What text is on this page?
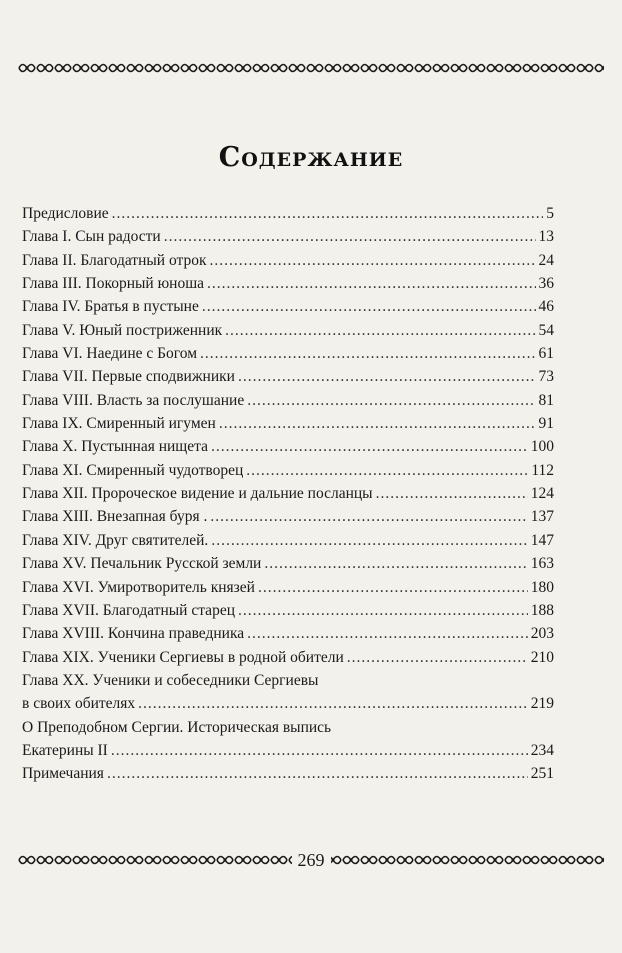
Содержание
Предисловие .....	5
Глава I. Сын радости .....	13
Глава II. Благодатный отрок .....	24
Глава III. Покорный юноша .....	36
Глава IV. Братья в пустыне .....	46
Глава V. Юный постриженник .....	54
Глава VI. Наедине с Богом .....	61
Глава VII. Первые сподвижники .....	73
Глава VIII. Власть за послушание .....	81
Глава IX. Смиренный игумен .....	91
Глава X. Пустынная нищета .....	100
Глава XI. Смиренный чудотворец .....	112
Глава XII. Пророческое видение и дальние посланцы .....	124
Глава XIII. Внезапная буря . .....	137
Глава XIV. Друг святителей. .....	147
Глава XV. Печальник Русской земли .....	163
Глава XVI. Умиротворитель князей .....	180
Глава XVII. Благодатный старец .....	188
Глава XVIII. Кончина праведника .....	203
Глава XIX. Ученики Сергиевы в родной обители .....	210
Глава XX. Ученики и собеседники Сергиевы
в своих обителях .....	219
О Преподобном Сергии. Историческая выпись
Екатерины II .....	234
Примечания .....	251
269
